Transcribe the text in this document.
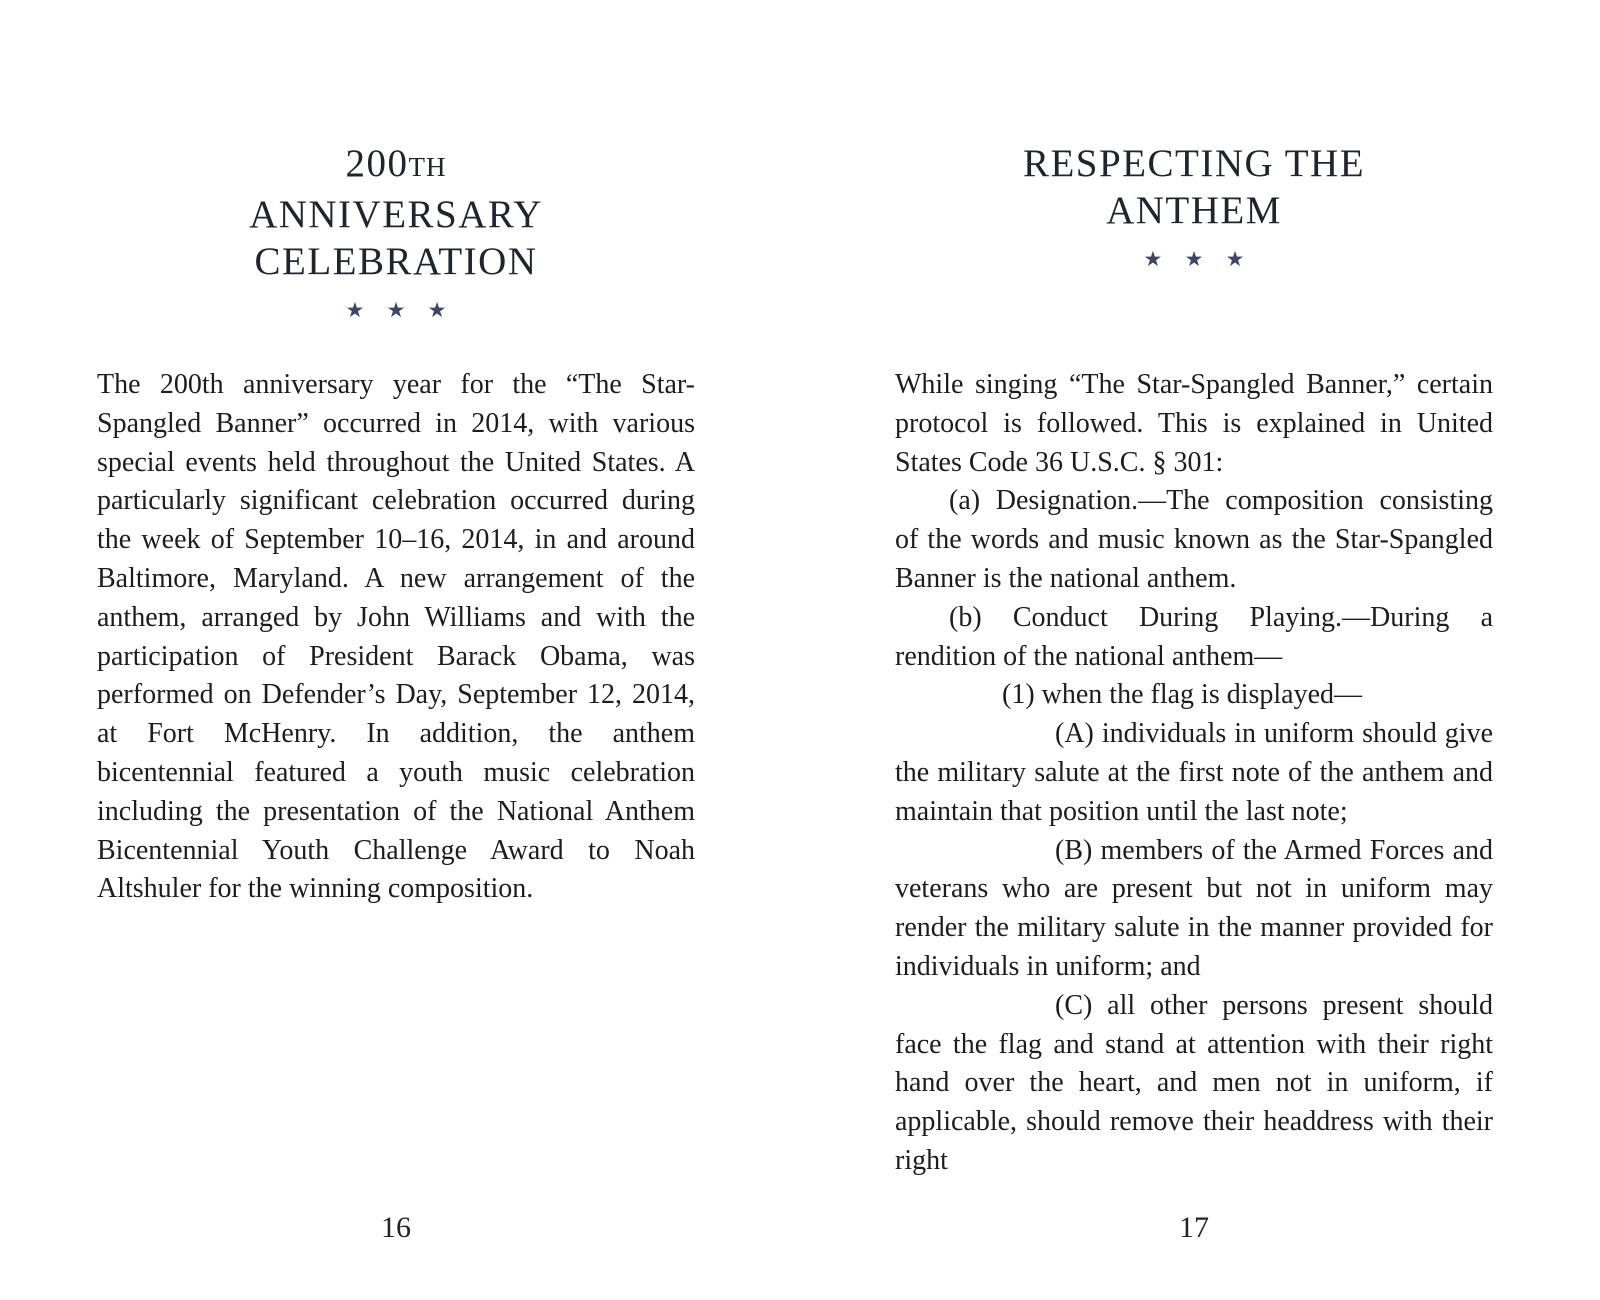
200TH
ANNIVERSARY
CELEBRATION
★ ★ ★

The 200th anniversary year for the “The Star-Spangled Banner” occurred in 2014, with various special events held throughout the United States. A particularly significant celebration occurred during the week of September 10–16, 2014, in and around Baltimore, Maryland. A new arrangement of the anthem, arranged by John Williams and with the participation of President Barack Obama, was performed on Defender’s Day, September 12, 2014, at Fort McHenry. In addition, the anthem bicentennial featured a youth music celebration including the presentation of the National Anthem Bicentennial Youth Challenge Award to Noah Altshuler for the winning composition.

16
RESPECTING THE
ANTHEM
★ ★ ★

While singing “The Star-Spangled Banner,” certain protocol is followed. This is explained in United States Code 36 U.S.C. § 301:

(a) Designation.—The composition consisting of the words and music known as the Star-Spangled Banner is the national anthem.

(b) Conduct During Playing.—During a rendition of the national anthem—

(1) when the flag is displayed—

(A) individuals in uniform should give the military salute at the first note of the anthem and maintain that position until the last note;

(B) members of the Armed Forces and veterans who are present but not in uniform may render the military salute in the manner provided for individuals in uniform; and

(C) all other persons present should face the flag and stand at attention with their right hand over the heart, and men not in uniform, if applicable, should remove their headdress with their right

17
